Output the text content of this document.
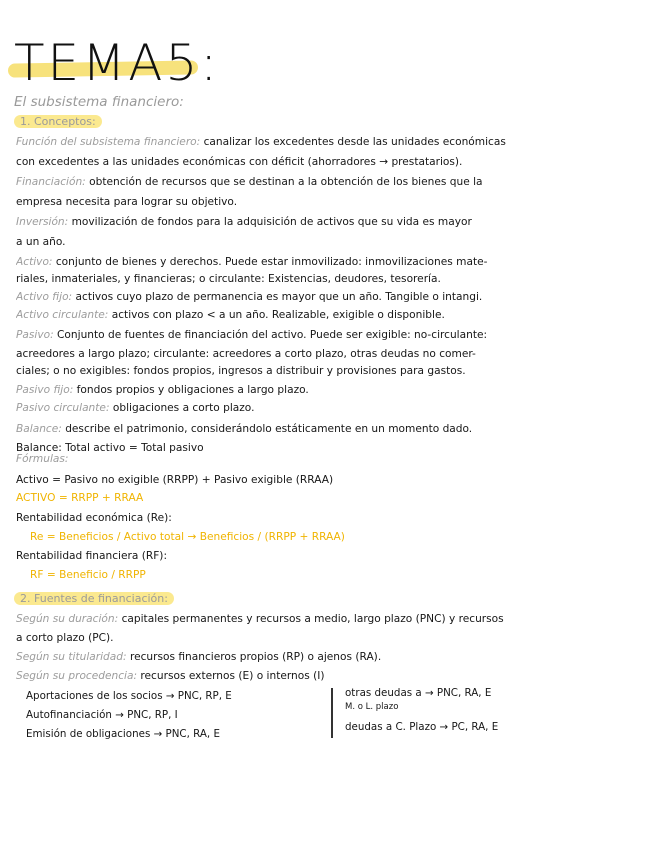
TEMA5:
El subsistema financiero:
1. Conceptos:
Función del subsistema financiero: canalizar los excedentes desde las unidades económicas
con excedentes a las unidades económicas con déficit (ahorradores → prestatarios).
Financiación: obtención de recursos que se destinan a la obtención de los bienes que la
empresa necesita para lograr su objetivo.
Inversión: movilización de fondos para la adquisición de activos que su vida es mayor
a un año.
Activo: conjunto de bienes y derechos. Puede estar inmovilizado: inmovilizaciones mate-
riales, inmateriales, y financieras; o circulante: Existencias, deudores, tesorería.
Activo fijo: activos cuyo plazo de permanencia es mayor que un año. Tangible o intangi.
Activo circulante: activos con plazo < a un año. Realizable, exigible o disponible.
Pasivo: Conjunto de fuentes de financiación del activo. Puede ser exigible: no-circulante:
acreedores a largo plazo; circulante: acreedores a corto plazo, otras deudas no comer-
ciales; o no exigibles: fondos propios, ingresos a distribuir y provisiones para gastos.
Pasivo fijo: fondos propios y obligaciones a largo plazo.
Pasivo circulante: obligaciones a corto plazo.
Balance: describe el patrimonio, considerándolo estáticamente en un momento dado.
Balance: Total activo = Total pasivo
Fórmulas:
Activo = Pasivo no exigible (RRPP) + Pasivo exigible (RRAA)
ACTIVO = RRPP + RRAA
Rentabilidad económica (Re):
Re = Beneficios / Activo total → Beneficios / (RRPP + RRAA)
Rentabilidad financiera (RF):
RF = Beneficio / RRPP
2. Fuentes de financiación:
Según su duración: capitales permanentes y recursos a medio, largo plazo (PNC) y recursos
a corto plazo (PC).
Según su titularidad: recursos financieros propios (RP) o ajenos (RA).
Según su procedencia: recursos externos (E) o internos (I)
Aportaciones de los socios → PNC, RP, E
Autofinanciación → PNC, RP, I
Emisión de obligaciones → PNC, RA, E
otras deudas a → PNC, RA, E
M. o L. plazo
deudas a C. Plazo → PC, RA, E
